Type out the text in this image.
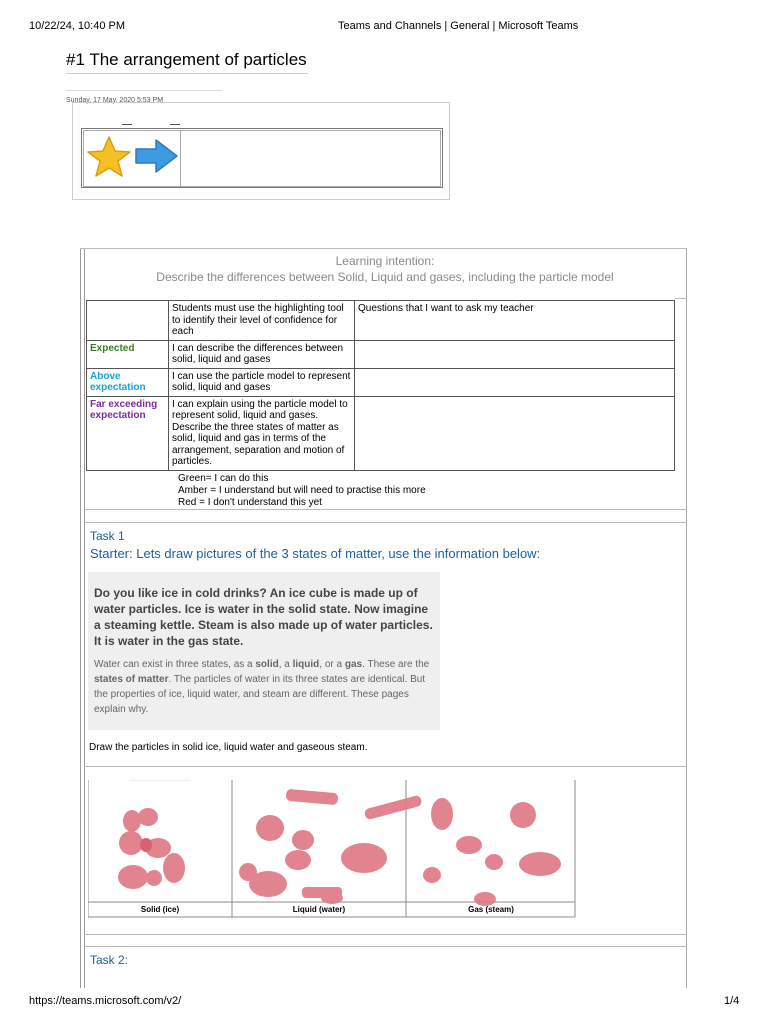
10/22/24, 10:40 PM	Teams and Channels | General | Microsoft Teams
#1 The arrangement of particles
Sunday, 17 May, 2020 5:53 PM
Learning intention:
Describe the differences between Solid, Liquid and gases, including the particle model
	Students must use the highlighting tool to identify their level of confidence for each	Questions that I want to ask my teacher
Expected	I can describe the differences between solid, liquid and gases	
Above expectation	I can use the particle model to represent solid, liquid and gases	
Far exceeding expectation	I can explain using the particle model to represent solid, liquid and gases. Describe the three states of matter as solid, liquid and gas in terms of the arrangement, separation and motion of particles.	
Green= I can do this
Amber = I understand but will need to practise this more
Red = I don't understand this yet
Task 1
Starter: Lets draw pictures of the 3 states of matter, use the information below:
Do you like ice in cold drinks? An ice cube is made up of water particles. Ice is water in the solid state. Now imagine a steaming kettle. Steam is also made up of water particles. It is water in the gas state.
Water can exist in three states, as a solid, a liquid, or a gas. These are the states of matter. The particles of water in its three states are identical. But the properties of ice, liquid water, and steam are different. These pages explain why.
Draw the particles in solid ice, liquid water and gaseous steam.
Solid (ice)	Liquid (water)	Gas (steam)
Task 2:
https://teams.microsoft.com/v2/	1/4
